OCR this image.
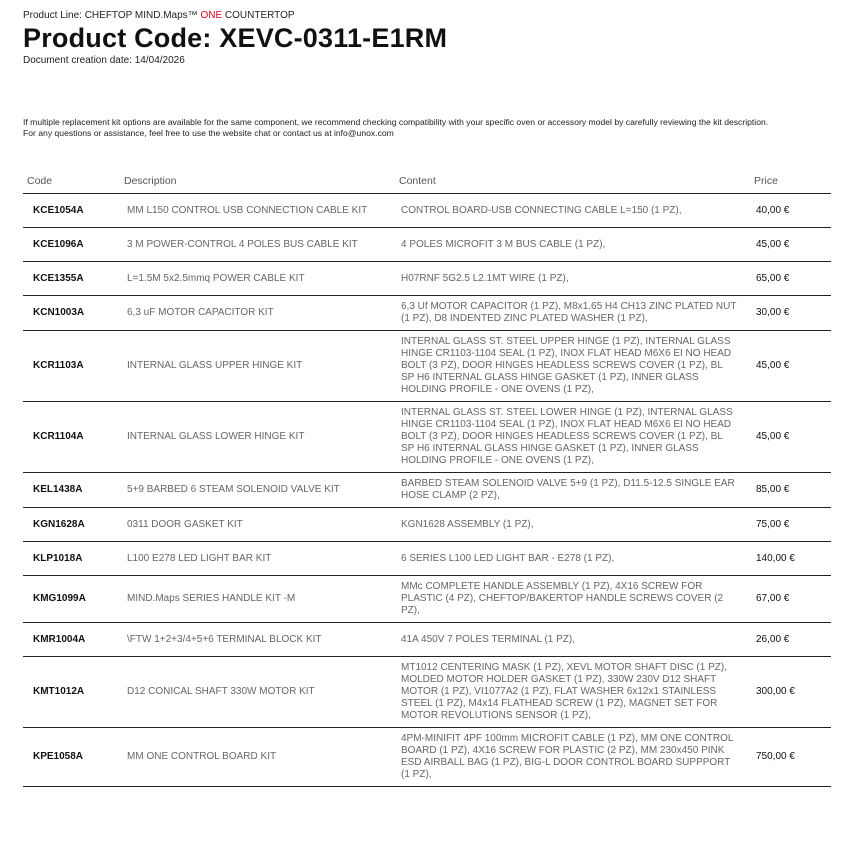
Product Line: CHEFTOP MIND.Maps™ ONE COUNTERTOP
Product Code: XEVC-0311-E1RM
Document creation date: 14/04/2026
If multiple replacement kit options are available for the same component, we recommend checking compatibility with your specific oven or accessory model by carefully reviewing the kit description.
For any questions or assistance, feel free to use the website chat or contact us at info@unox.com
Code	Description	Content	Price
KCE1054A	MM L150 CONTROL USB CONNECTION CABLE KIT	CONTROL BOARD-USB CONNECTING CABLE L=150 (1 PZ),	40,00 €
KCE1096A	3 M POWER-CONTROL 4 POLES BUS CABLE KIT	4 POLES MICROFIT 3 M BUS CABLE (1 PZ),	45,00 €
KCE1355A	L=1.5M 5x2.5mmq POWER CABLE KIT	H07RNF 5G2.5 L2.1MT WIRE (1 PZ),	65,00 €
KCN1003A	6,3 uF MOTOR CAPACITOR KIT	6,3 Uf MOTOR CAPACITOR (1 PZ), M8x1.65 H4 CH13 ZINC PLATED NUT (1 PZ), D8 INDENTED ZINC PLATED WASHER (1 PZ),	30,00 €
KCR1103A	INTERNAL GLASS UPPER HINGE KIT	INTERNAL GLASS ST. STEEL UPPER HINGE (1 PZ), INTERNAL GLASS HINGE CR1103-1104 SEAL (1 PZ), INOX FLAT HEAD M6X6 EI NO HEAD BOLT (3 PZ), DOOR HINGES HEADLESS SCREWS COVER (1 PZ), BL SP H6 INTERNAL GLASS HINGE GASKET (1 PZ), INNER GLASS HOLDING PROFILE - ONE OVENS (1 PZ),	45,00 €
KCR1104A	INTERNAL GLASS LOWER HINGE KIT	INTERNAL GLASS ST. STEEL LOWER HINGE (1 PZ), INTERNAL GLASS HINGE CR1103-1104 SEAL (1 PZ), INOX FLAT HEAD M6X6 EI NO HEAD BOLT (3 PZ), DOOR HINGES HEADLESS SCREWS COVER (1 PZ), BL SP H6 INTERNAL GLASS HINGE GASKET (1 PZ), INNER GLASS HOLDING PROFILE - ONE OVENS (1 PZ),	45,00 €
KEL1438A	5+9 BARBED 6 STEAM SOLENOID VALVE KIT	BARBED STEAM SOLENOID VALVE 5+9 (1 PZ), D11.5-12.5 SINGLE EAR HOSE CLAMP (2 PZ),	85,00 €
KGN1628A	0311 DOOR GASKET KIT	KGN1628 ASSEMBLY (1 PZ),	75,00 €
KLP1018A	L100 E278 LED LIGHT BAR KIT	6 SERIES L100 LED LIGHT BAR - E278 (1 PZ),	140,00 €
KMG1099A	MIND.Maps SERIES HANDLE KIT -M	MMc COMPLETE HANDLE ASSEMBLY (1 PZ), 4X16 SCREW FOR PLASTIC (4 PZ), CHEFTOP/BAKERTOP HANDLE SCREWS COVER (2 PZ),	67,00 €
KMR1004A	\FTW 1+2+3/4+5+6 TERMINAL BLOCK KIT	41A 450V 7 POLES TERMINAL (1 PZ),	26,00 €
KMT1012A	D12 CONICAL SHAFT 330W MOTOR KIT	MT1012 CENTERING MASK (1 PZ), XEVL MOTOR SHAFT DISC (1 PZ), MOLDED MOTOR HOLDER GASKET (1 PZ), 330W 230V D12 SHAFT MOTOR (1 PZ), VI1077A2 (1 PZ), FLAT WASHER 6x12x1 STAINLESS STEEL (1 PZ), M4x14 FLATHEAD SCREW (1 PZ), MAGNET SET FOR MOTOR REVOLUTIONS SENSOR (1 PZ),	300,00 €
KPE1058A	MM ONE CONTROL BOARD KIT	4PM-MINIFIT 4PF 100mm MICROFIT CABLE (1 PZ), MM ONE CONTROL BOARD (1 PZ), 4X16 SCREW FOR PLASTIC (2 PZ), MM 230x450 PINK ESD AIRBALL BAG (1 PZ), BIG-L DOOR CONTROL BOARD SUPPPORT (1 PZ),	750,00 €
